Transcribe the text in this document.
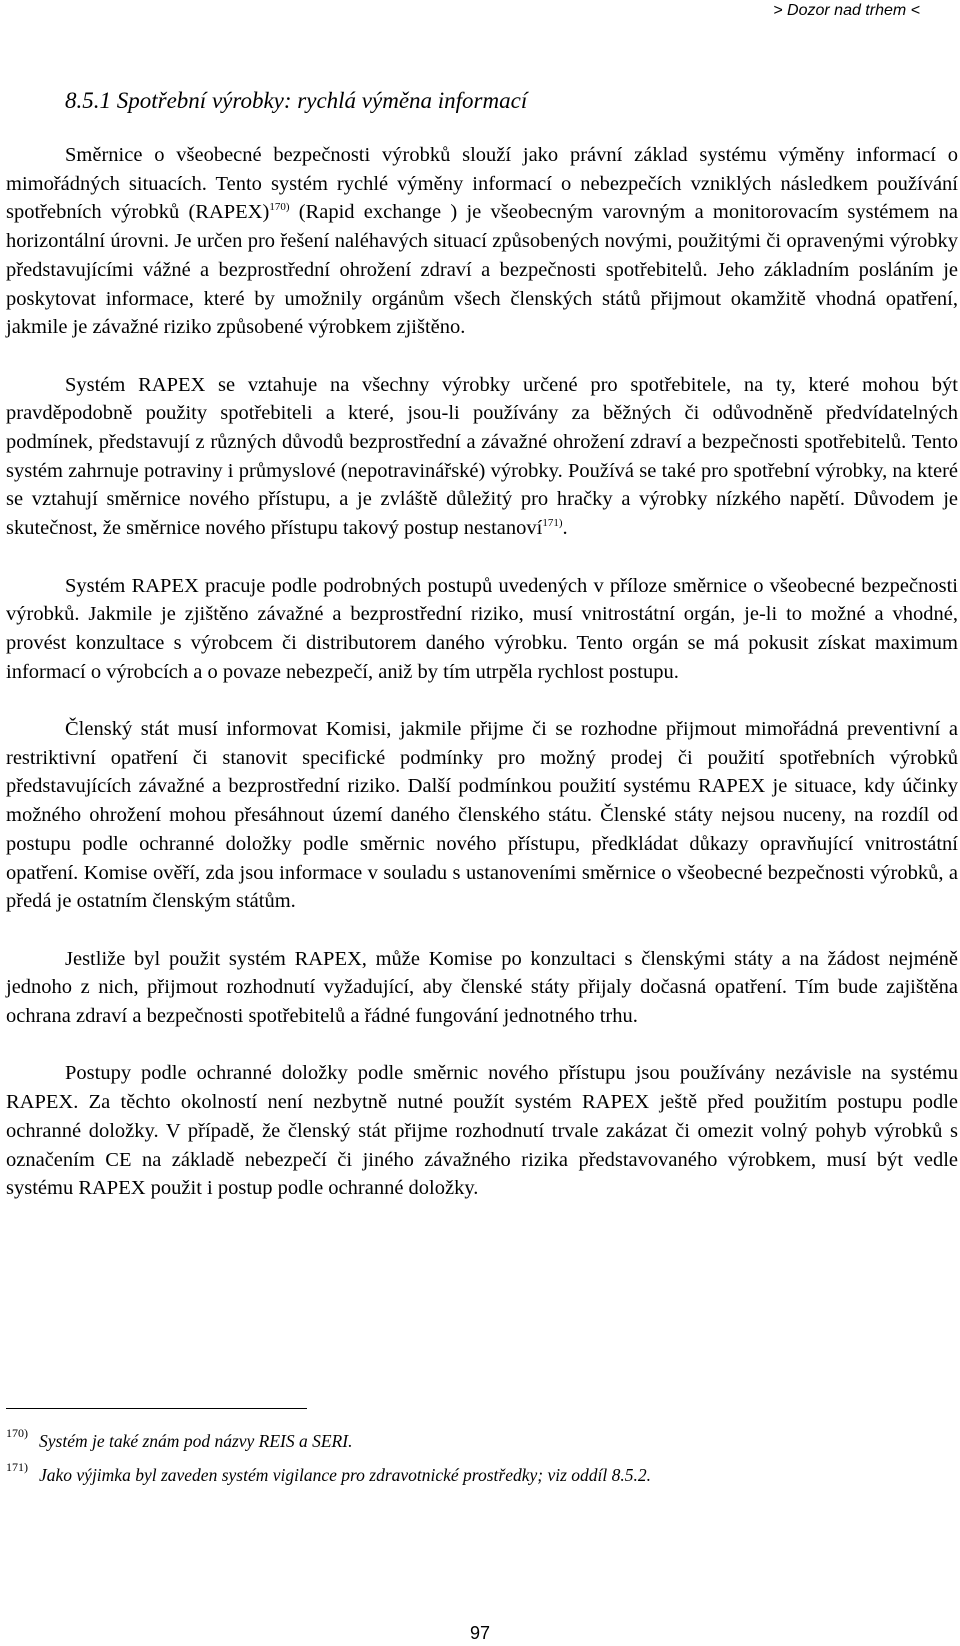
> Dozor nad trhem <
8.5.1 Spotřební výrobky: rychlá výměna informací

Směrnice o všeobecné bezpečnosti výrobků slouží jako právní základ systému výměny informací o mimořádných situacích. Tento systém rychlé výměny informací o nebezpečích vzniklých následkem používání spotřebních výrobků (RAPEX)$^{170)}$ (Rapid exchange ) je všeobecným varovným a monitorovacím systémem na horizontální úrovni. Je určen pro řešení naléhavých situací způsobených novými, použitými či opravenými výrobky představujícími vážné a bezprostřední ohrožení zdraví a bezpečnosti spotřebitelů. Jeho základním posláním je poskytovat informace, které by umožnily orgánům všech členských států přijmout okamžitě vhodná opatření, jakmile je závažné riziko způsobené výrobkem zjištěno.

Systém RAPEX se vztahuje na všechny výrobky určené pro spotřebitele, na ty, které mohou být pravděpodobně použity spotřebiteli a které, jsou-li používány za běžných či odůvodněně předvídatelných podmínek, představují z různých důvodů bezprostřední a závažné ohrožení zdraví a bezpečnosti spotřebitelů. Tento systém zahrnuje potraviny i průmyslové (nepotravinářské) výrobky. Používá se také pro spotřební výrobky, na které se vztahují směrnice nového přístupu, a je zvláště důležitý pro hračky a výrobky nízkého napětí. Důvodem je skutečnost, že směrnice nového přístupu takový postup nestanoví$^{171)}$.

Systém RAPEX pracuje podle podrobných postupů uvedených v příloze směrnice o všeobecné bezpečnosti výrobků. Jakmile je zjištěno závažné a bezprostřední riziko, musí vnitrostátní orgán, je-li to možné a vhodné, provést konzultace s výrobcem či distributorem daného výrobku. Tento orgán se má pokusit získat maximum informací o výrobcích a o povaze nebezpečí, aniž by tím utrpěla rychlost postupu.

Členský stát musí informovat Komisi, jakmile přijme či se rozhodne přijmout mimořádná preventivní a restriktivní opatření či stanovit specifické podmínky pro možný prodej či použití spotřebních výrobků představujících závažné a bezprostřední riziko. Další podmínkou použití systému RAPEX je situace, kdy účinky možného ohrožení mohou přesáhnout území daného členského státu. Členské státy nejsou nuceny, na rozdíl od postupu podle ochranné doložky podle směrnic nového přístupu, předkládat důkazy opravňující vnitrostátní opatření. Komise ověří, zda jsou informace v souladu s ustanoveními směrnice o všeobecné bezpečnosti výrobků, a předá je ostatním členským státům.

Jestliže byl použit systém RAPEX, může Komise po konzultaci s členskými státy a na žádost nejméně jednoho z nich, přijmout rozhodnutí vyžadující, aby členské státy přijaly dočasná opatření. Tím bude zajištěna ochrana zdraví a bezpečnosti spotřebitelů a řádné fungování jednotného trhu.

Postupy podle ochranné doložky podle směrnic nového přístupu jsou používány nezávisle na systému RAPEX. Za těchto okolností není nezbytně nutné použít systém RAPEX ještě před použitím postupu podle ochranné doložky. V případě, že členský stát přijme rozhodnutí trvale zakázat či omezit volný pohyb výrobků s označením CE na základě nebezpečí či jiného závažného rizika představovaného výrobkem, musí být vedle systému RAPEX použit i postup podle ochranné doložky.

170) Systém je také znám pod názvy REIS a SERI.
171) Jako výjimka byl zaveden systém vigilance pro zdravotnické prostředky; viz oddíl 8.5.2.
97
